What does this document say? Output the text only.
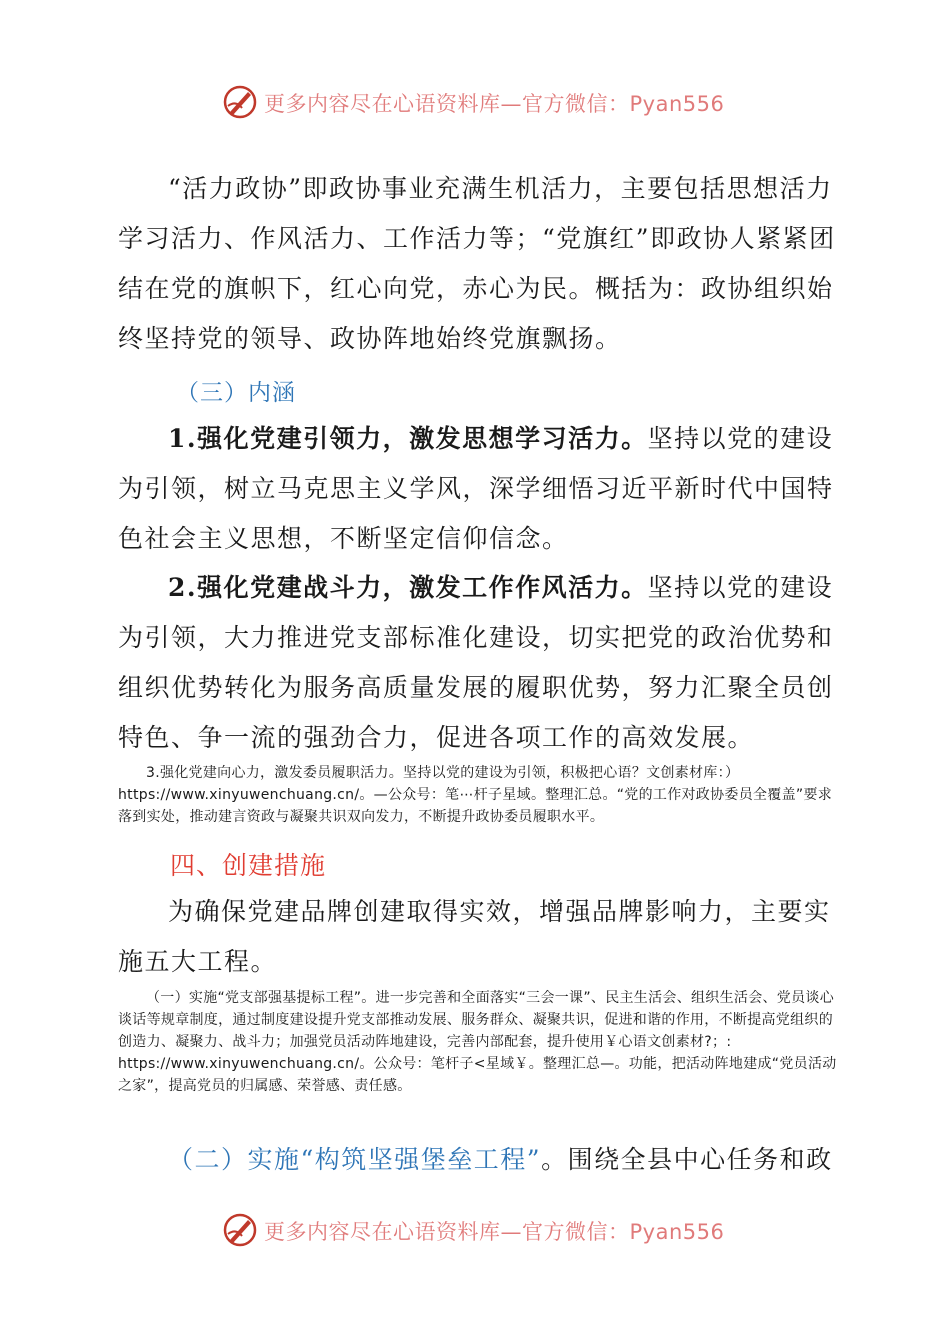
更多内容尽在心语资料库—官方微信：Pyan556

“活力政协”即政协事业充满生机活力，主要包括思想活力学习活力、作风活力、工作活力等；“党旗红”即政协人紧紧团结在党的旗帜下，红心向党，赤心为民。概括为：政协组织始终坚持党的领导、政协阵地始终党旗飘扬。

（三）内涵

1.强化党建引领力，激发思想学习活力。坚持以党的建设为引领，树立马克思主义学风，深学细悟习近平新时代中国特色社会主义思想，不断坚定信仰信念。

2.强化党建战斗力，激发工作作风活力。坚持以党的建设为引领，大力推进党支部标准化建设，切实把党的政治优势和组织优势转化为服务高质量发展的履职优势，努力汇聚全员创特色、争一流的强劲合力，促进各项工作的高效发展。

3.强化党建向心力，激发委员履职活力。坚持以党的建设为引领，积极把心语？文创素材库：）https://www.xinyuwenchuang.cn/。—公众号：笔⋯杆子星域。整理汇总。“党的工作对政协委员全覆盖”要求落到实处，推动建言资政与凝聚共识双向发力，不断提升政协委员履职水平。

四、创建措施

为确保党建品牌创建取得实效，增强品牌影响力，主要实施五大工程。

（一）实施“党支部强基提标工程”。进一步完善和全面落实“三会一课”、民主生活会、组织生活会、党员谈心谈话等规章制度，通过制度建设提升党支部推动发展、服务群众、凝聚共识，促进和谐的作用，不断提高党组织的创造力、凝聚力、战斗力；加强党员活动阵地建设，完善内部配套，提升使用￥心语文创素材?；: https://www.xinyuwenchuang.cn/。公众号：笔杆子<星域￥。整理汇总—。功能，把活动阵地建成“党员活动之家”，提高党员的归属感、荣誉感、责任感。

（二）实施“构筑坚强堡垒工程”。围绕全县中心任务和政

更多内容尽在心语资料库—官方微信：Pyan556
